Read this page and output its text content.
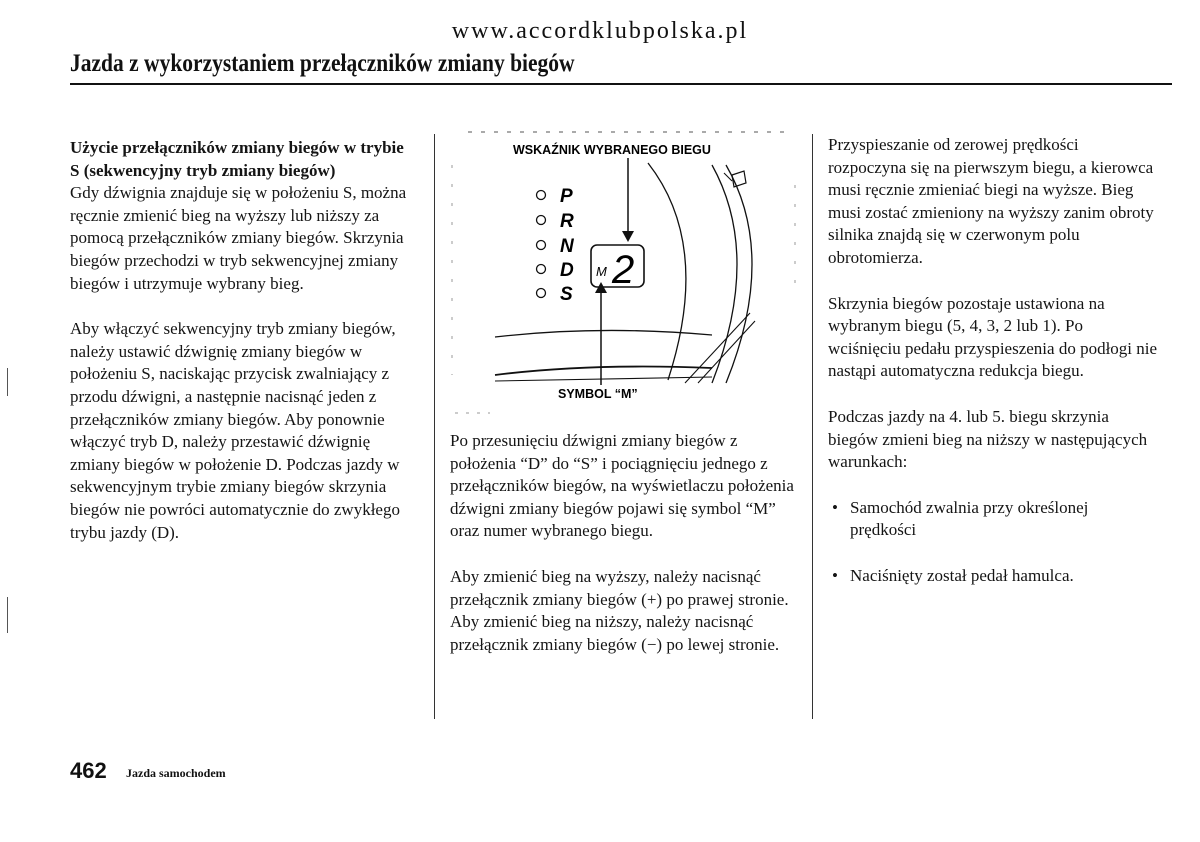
www.accordklubpolska.pl
Jazda z wykorzystaniem przełączników zmiany biegów

Użycie przełączników zmiany biegów w trybie S (sekwencyjny tryb zmiany biegów)
Gdy dźwignia znajduje się w położeniu S, można ręcznie zmienić bieg na wyższy lub niższy za pomocą przełączników zmiany biegów. Skrzynia biegów przechodzi w tryb sekwencyjnej zmiany biegów i utrzymuje wybrany bieg.

Aby włączyć sekwencyjny tryb zmiany biegów, należy ustawić dźwignię zmiany biegów w położeniu S, naciskając przycisk zwalniający z przodu dźwigni, a następnie nacisnąć jeden z przełączników zmiany biegów. Aby ponownie włączyć tryb D, należy przestawić dźwignię zmiany biegów w położenie D. Podczas jazdy w sekwencyjnym trybie zmiany biegów skrzynia biegów nie powróci automatycznie do zwykłego trybu jazdy (D).

WSKAŹNIK WYBRANEGO BIEGU
P
R
N
D
S
M 2
SYMBOL “M”

Po przesunięciu dźwigni zmiany biegów z położenia “D” do “S” i pociągnięciu jednego z przełączników biegów, na wyświetlaczu położenia dźwigni zmiany biegów pojawi się symbol “M” oraz numer wybranego biegu.

Aby zmienić bieg na wyższy, należy nacisnąć przełącznik zmiany biegów (+) po prawej stronie. Aby zmienić bieg na niższy, należy nacisnąć przełącznik zmiany biegów (−) po lewej stronie.

Przyspieszanie od zerowej prędkości rozpoczyna się na pierwszym biegu, a kierowca musi ręcznie zmieniać biegi na wyższe. Bieg musi zostać zmieniony na wyższy zanim obroty silnika znajdą się w czerwonym polu obrotomierza.

Skrzynia biegów pozostaje ustawiona na wybranym biegu (5, 4, 3, 2 lub 1). Po wciśnięciu pedału przyspieszenia do podłogi nie nastąpi automatyczna redukcja biegu.

Podczas jazdy na 4. lub 5. biegu skrzynia biegów zmieni bieg na niższy w następujących warunkach:

• Samochód zwalnia przy określonej prędkości
• Naciśnięty został pedał hamulca.
462 Jazda samochodem
